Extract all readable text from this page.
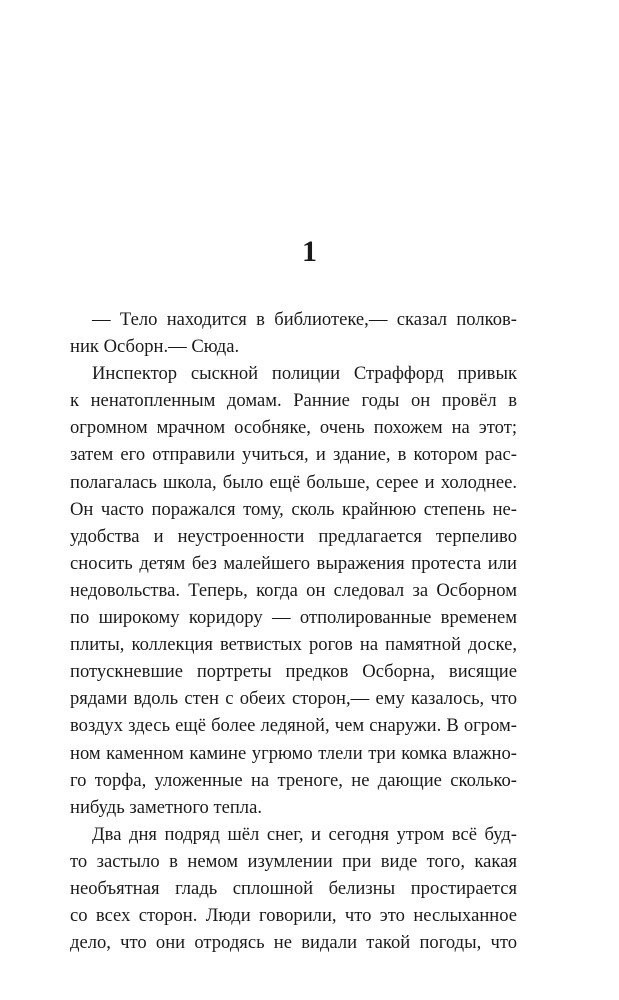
1
— Тело находится в библиотеке,— сказал полков-
ник Осборн.— Сюда.
Инспектор сыскной полиции Страффорд привык
к ненатопленным домам. Ранние годы он провёл в
огромном мрачном особняке, очень похожем на этот;
затем его отправили учиться, и здание, в котором рас-
полагалась школа, было ещё больше, серее и холоднее.
Он часто поражался тому, сколь крайнюю степень не-
удобства и неустроенности предлагается терпеливо
сносить детям без малейшего выражения протеста или
недовольства. Теперь, когда он следовал за Осборном
по широкому коридору — отполированные временем
плиты, коллекция ветвистых рогов на памятной доске,
потускневшие портреты предков Осборна, висящие
рядами вдоль стен с обеих сторон,— ему казалось, что
воздух здесь ещё более ледяной, чем снаружи. В огром-
ном каменном камине угрюмо тлели три комка влажно-
го торфа, уложенные на треноге, не дающие сколько-
нибудь заметного тепла.
Два дня подряд шёл снег, и сегодня утром всё буд-
то застыло в немом изумлении при виде того, какая
необъятная гладь сплошной белизны простирается
со всех сторон. Люди говорили, что это неслыханное
дело, что они отродясь не видали такой погоды, что
